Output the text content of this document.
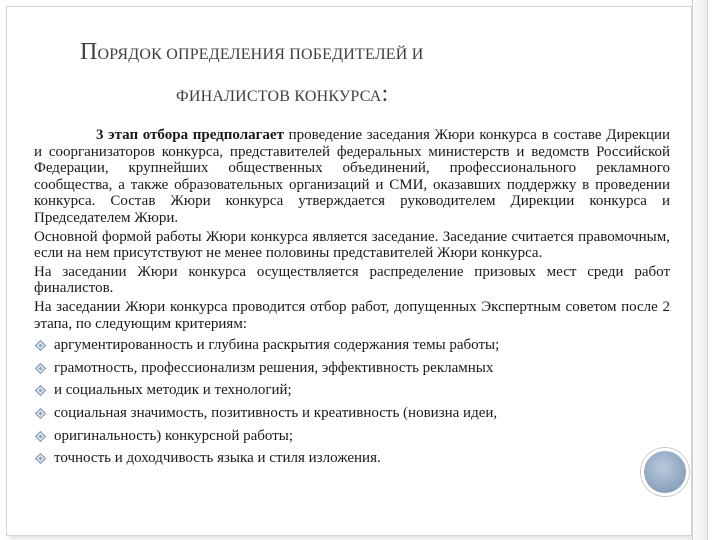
ПОРЯДОК ОПРЕДЕЛЕНИЯ ПОБЕДИТЕЛЕЙ И
ФИНАЛИСТОВ КОНКУРСА:

3 этап отбора предполагает проведение заседания Жюри конкурса в составе Дирекции и соорганизаторов конкурса, представителей федеральных министерств и ведомств Российской Федерации, крупнейших общественных объединений, профессионального рекламного сообщества, а также образовательных организаций и СМИ, оказавших поддержку в проведении конкурса. Состав Жюри конкурса утверждается руководителем Дирекции конкурса и Председателем Жюри.

Основной формой работы Жюри конкурса является заседание. Заседание считается правомочным, если на нем присутствуют не менее половины представителей Жюри конкурса.

На заседании Жюри конкурса осуществляется распределение призовых мест среди работ финалистов.

На заседании Жюри конкурса проводится отбор работ, допущенных Экспертным советом после 2 этапа, по следующим критериям:

аргументированность и глубина раскрытия содержания темы работы;
грамотность, профессионализм решения, эффективность рекламных
и социальных методик и технологий;
социальная значимость, позитивность и креативность (новизна идеи,
оригинальность) конкурсной работы;
точность и доходчивость языка и стиля изложения.
